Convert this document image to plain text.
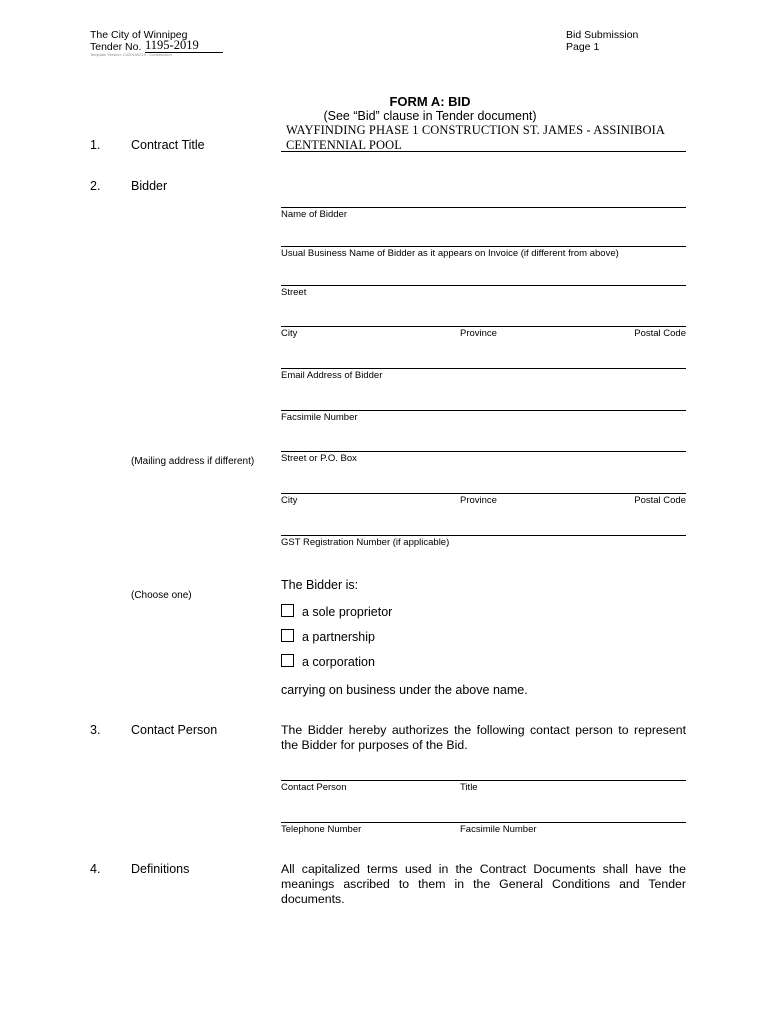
The City of Winnipeg
Tender No. 1195-2019
Template Version: C420190219 - Construction
Bid Submission
Page 1
FORM A: BID
(See “Bid” clause in Tender document)
1. Contract Title
WAYFINDING PHASE 1 CONSTRUCTION ST. JAMES - ASSINIBOIA
CENTENNIAL POOL
2. Bidder
Name of Bidder
Usual Business Name of Bidder as it appears on Invoice (if different from above)
Street
City	Province	Postal Code
Email Address of Bidder
Facsimile Number
(Mailing address if different)	Street or P.O. Box
City	Province	Postal Code
GST Registration Number (if applicable)
(Choose one)
The Bidder is:
a sole proprietor
a partnership
a corporation
carrying on business under the above name.
3. Contact Person	The Bidder hereby authorizes the following contact person to represent
the Bidder for purposes of the Bid.
Contact Person	Title
Telephone Number	Facsimile Number
4. Definitions	All capitalized terms used in the Contract Documents shall have the
meanings ascribed to them in the General Conditions and Tender
documents.
